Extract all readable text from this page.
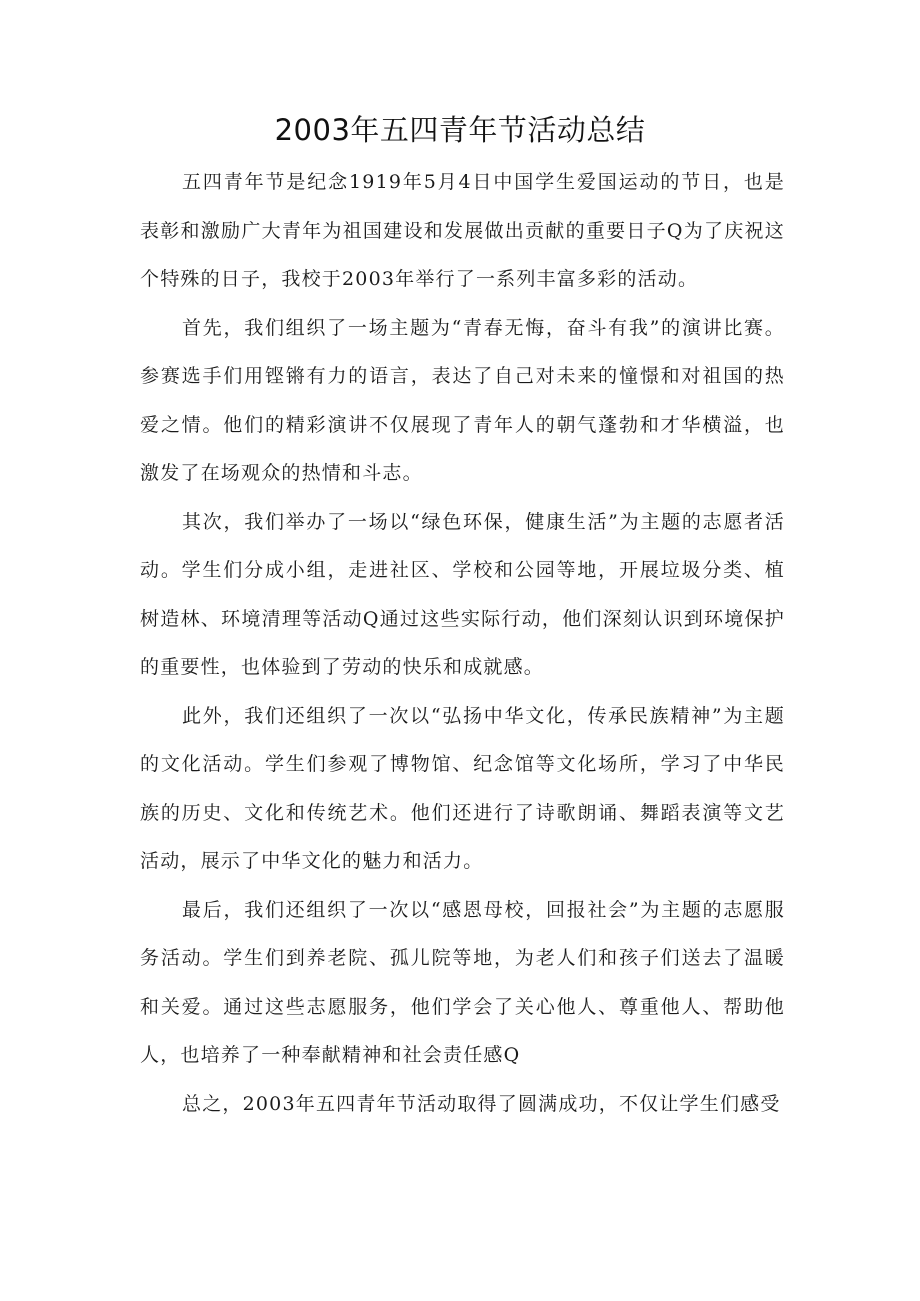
2003年五四青年节活动总结

五四青年节是纪念1919年5月4日中国学生爱国运动的节日，也是表彰和激励广大青年为祖国建设和发展做出贡献的重要日子Q为了庆祝这个特殊的日子，我校于2003年举行了一系列丰富多彩的活动。

首先，我们组织了一场主题为“青春无悔，奋斗有我”的演讲比赛。参赛选手们用铿锵有力的语言，表达了自己对未来的憧憬和对祖国的热爱之情。他们的精彩演讲不仅展现了青年人的朝气蓬勃和才华横溢，也激发了在场观众的热情和斗志。

其次，我们举办了一场以“绿色环保，健康生活”为主题的志愿者活动。学生们分成小组，走进社区、学校和公园等地，开展垃圾分类、植树造林、环境清理等活动Q通过这些实际行动，他们深刻认识到环境保护的重要性，也体验到了劳动的快乐和成就感。

此外，我们还组织了一次以“弘扬中华文化，传承民族精神”为主题的文化活动。学生们参观了博物馆、纪念馆等文化场所，学习了中华民族的历史、文化和传统艺术。他们还进行了诗歌朗诵、舞蹈表演等文艺活动，展示了中华文化的魅力和活力。

最后，我们还组织了一次以“感恩母校，回报社会”为主题的志愿服务活动。学生们到养老院、孤儿院等地，为老人们和孩子们送去了温暖和关爱。通过这些志愿服务，他们学会了关心他人、尊重他人、帮助他人，也培养了一种奉献精神和社会责任感Q

总之，2003年五四青年节活动取得了圆满成功，不仅让学生们感受
